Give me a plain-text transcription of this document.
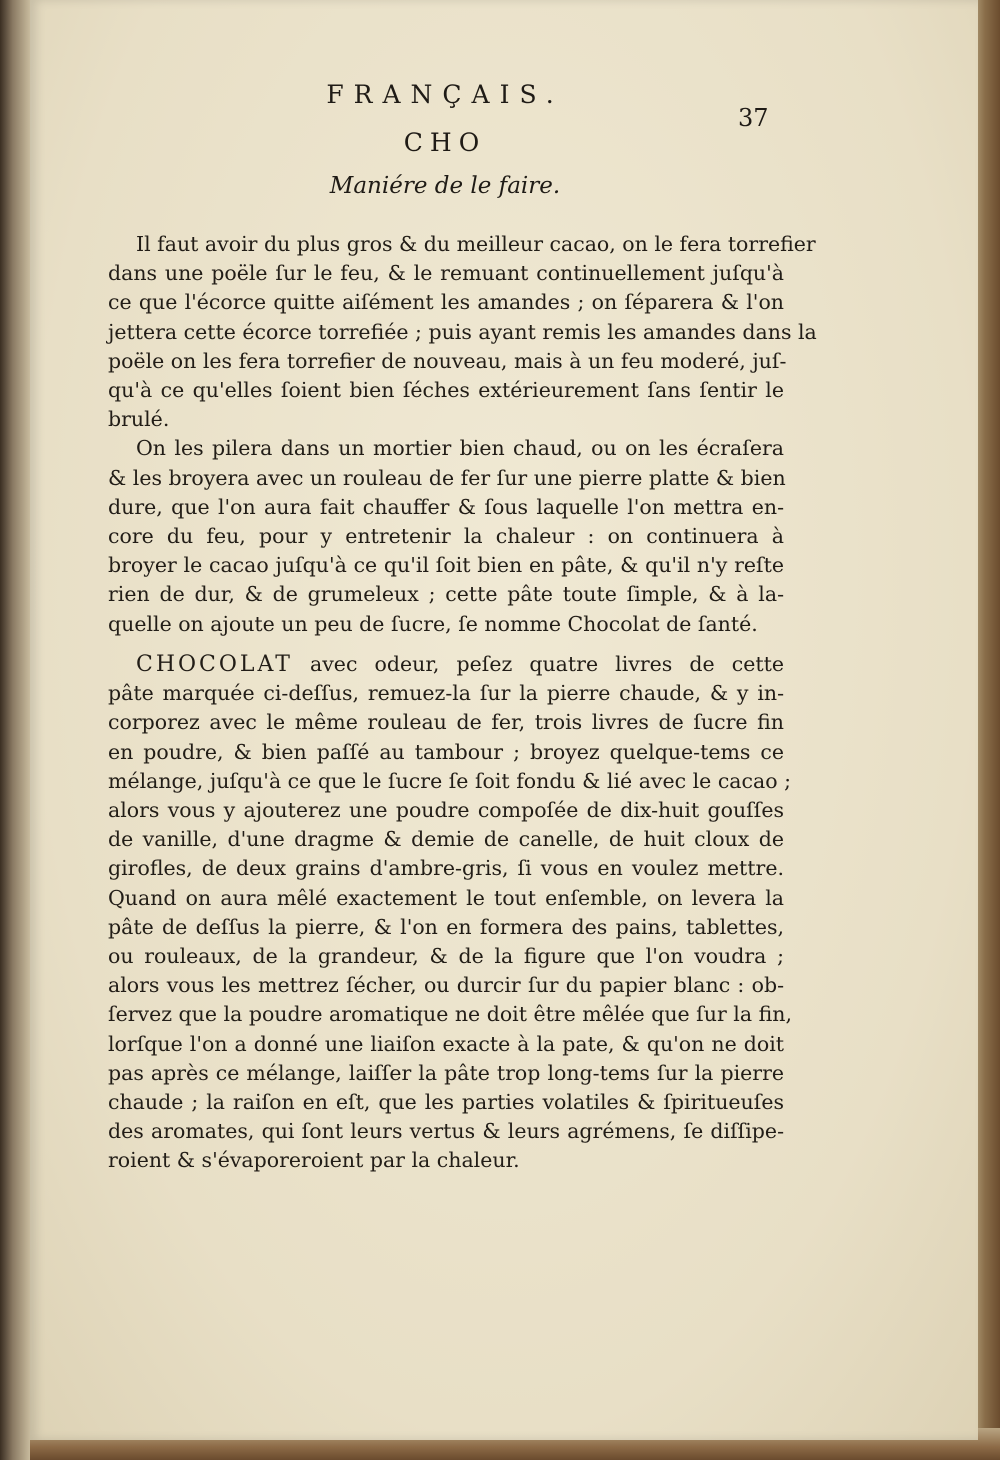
FRANÇAIS.
37
CHO
Maniére de le faire.
Il faut avoir du plus gros & du meilleur cacao, on le fera torrefier
dans une poële ſur le feu, & le remuant continuellement juſqu'à
ce que l'écorce quitte aiſément les amandes ; on ſéparera & l'on
jettera cette écorce torrefiée ; puis ayant remis les amandes dans la
poële on les fera torrefier de nouveau, mais à un feu moderé, juſ-
qu'à ce qu'elles ſoient bien ſéches extérieurement ſans ſentir le
brulé.
On les pilera dans un mortier bien chaud, ou on les écraſera
& les broyera avec un rouleau de fer ſur une pierre platte & bien
dure, que l'on aura fait chauffer & ſous laquelle l'on mettra en-
core du feu, pour y entretenir la chaleur : on continuera à
broyer le cacao juſqu'à ce qu'il ſoit bien en pâte, & qu'il n'y reſte
rien de dur, & de grumeleux ; cette pâte toute ſimple, & à la-
quelle on ajoute un peu de ſucre, ſe nomme Chocolat de ſanté.
CHOCOLAT avec odeur, peſez quatre livres de cette
pâte marquée ci-deſſus, remuez-la ſur la pierre chaude, & y in-
corporez avec le même rouleau de fer, trois livres de ſucre fin
en poudre, & bien paſſé au tambour ; broyez quelque-tems ce
mélange, juſqu'à ce que le ſucre ſe ſoit fondu & lié avec le cacao ;
alors vous y ajouterez une poudre compoſée de dix-huit gouſſes
de vanille, d'une dragme & demie de canelle, de huit cloux de
girofles, de deux grains d'ambre-gris, ſi vous en voulez mettre.
Quand on aura mêlé exactement le tout enſemble, on levera la
pâte de deſſus la pierre, & l'on en formera des pains, tablettes,
ou rouleaux, de la grandeur, & de la figure que l'on voudra ;
alors vous les mettrez ſécher, ou durcir ſur du papier blanc : ob-
ſervez que la poudre aromatique ne doit être mêlée que ſur la fin,
lorſque l'on a donné une liaiſon exacte à la pate, & qu'on ne doit
pas après ce mélange, laiſſer la pâte trop long-tems ſur la pierre
chaude ; la raiſon en eſt, que les parties volatiles & ſpiritueuſes
des aromates, qui ſont leurs vertus & leurs agrémens, ſe diſſipe-
roient & s'évaporeroient par la chaleur.
